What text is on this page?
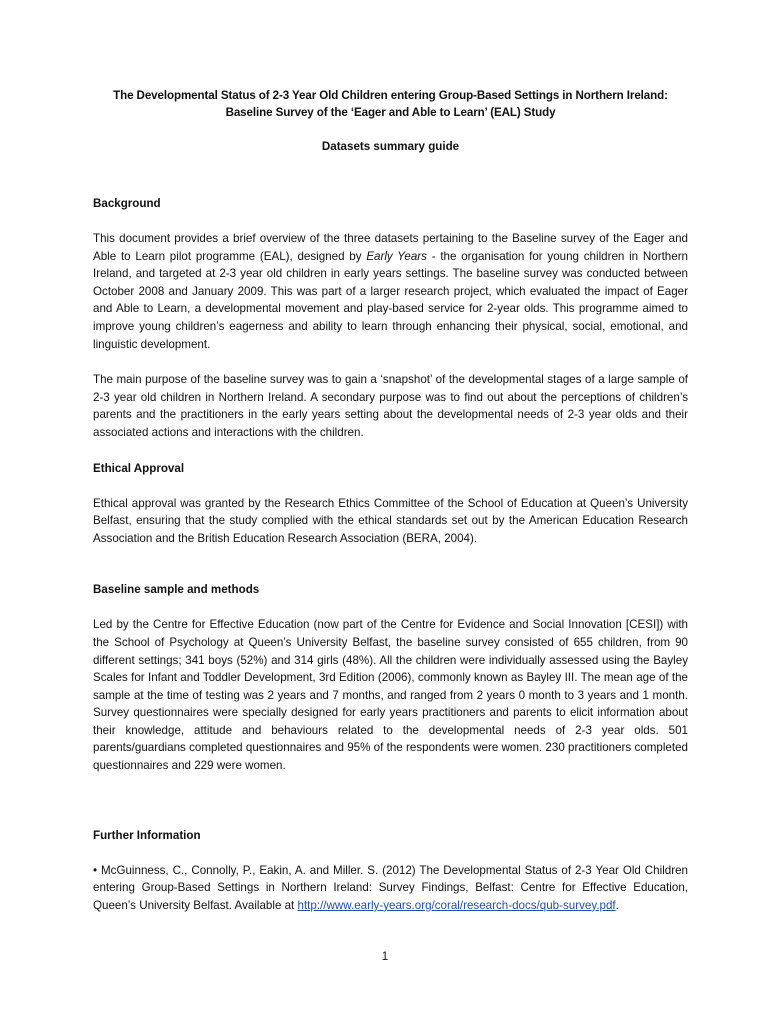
The Developmental Status of 2-3 Year Old Children entering Group-Based Settings in Northern Ireland: Baseline Survey of the ‘Eager and Able to Learn’ (EAL) Study

Datasets summary guide

Background

This document provides a brief overview of the three datasets pertaining to the Baseline survey of the Eager and Able to Learn pilot programme (EAL), designed by Early Years - the organisation for young children in Northern Ireland, and targeted at 2-3 year old children in early years settings. The baseline survey was conducted between October 2008 and January 2009. This was part of a larger research project, which evaluated the impact of Eager and Able to Learn, a developmental movement and play-based service for 2-year olds. This programme aimed to improve young children’s eagerness and ability to learn through enhancing their physical, social, emotional, and linguistic development.

The main purpose of the baseline survey was to gain a ‘snapshot’ of the developmental stages of a large sample of 2-3 year old children in Northern Ireland. A secondary purpose was to find out about the perceptions of children’s parents and the practitioners in the early years setting about the developmental needs of 2-3 year olds and their associated actions and interactions with the children.

Ethical Approval

Ethical approval was granted by the Research Ethics Committee of the School of Education at Queen’s University Belfast, ensuring that the study complied with the ethical standards set out by the American Education Research Association and the British Education Research Association (BERA, 2004).

Baseline sample and methods

Led by the Centre for Effective Education (now part of the Centre for Evidence and Social Innovation [CESI]) with the School of Psychology at Queen’s University Belfast, the baseline survey consisted of 655 children, from 90 different settings; 341 boys (52%) and 314 girls (48%). All the children were individually assessed using the Bayley Scales for Infant and Toddler Development, 3rd Edition (2006), commonly known as Bayley III. The mean age of the sample at the time of testing was 2 years and 7 months, and ranged from 2 years 0 month to 3 years and 1 month. Survey questionnaires were specially designed for early years practitioners and parents to elicit information about their knowledge, attitude and behaviours related to the developmental needs of 2-3 year olds. 501 parents/guardians completed questionnaires and 95% of the respondents were women. 230 practitioners completed questionnaires and 229 were women.

Further Information

• McGuinness, C., Connolly, P., Eakin, A. and Miller. S. (2012) The Developmental Status of 2-3 Year Old Children entering Group-Based Settings in Northern Ireland: Survey Findings, Belfast: Centre for Effective Education, Queen’s University Belfast. Available at http://www.early-years.org/coral/research-docs/qub-survey.pdf.

1
